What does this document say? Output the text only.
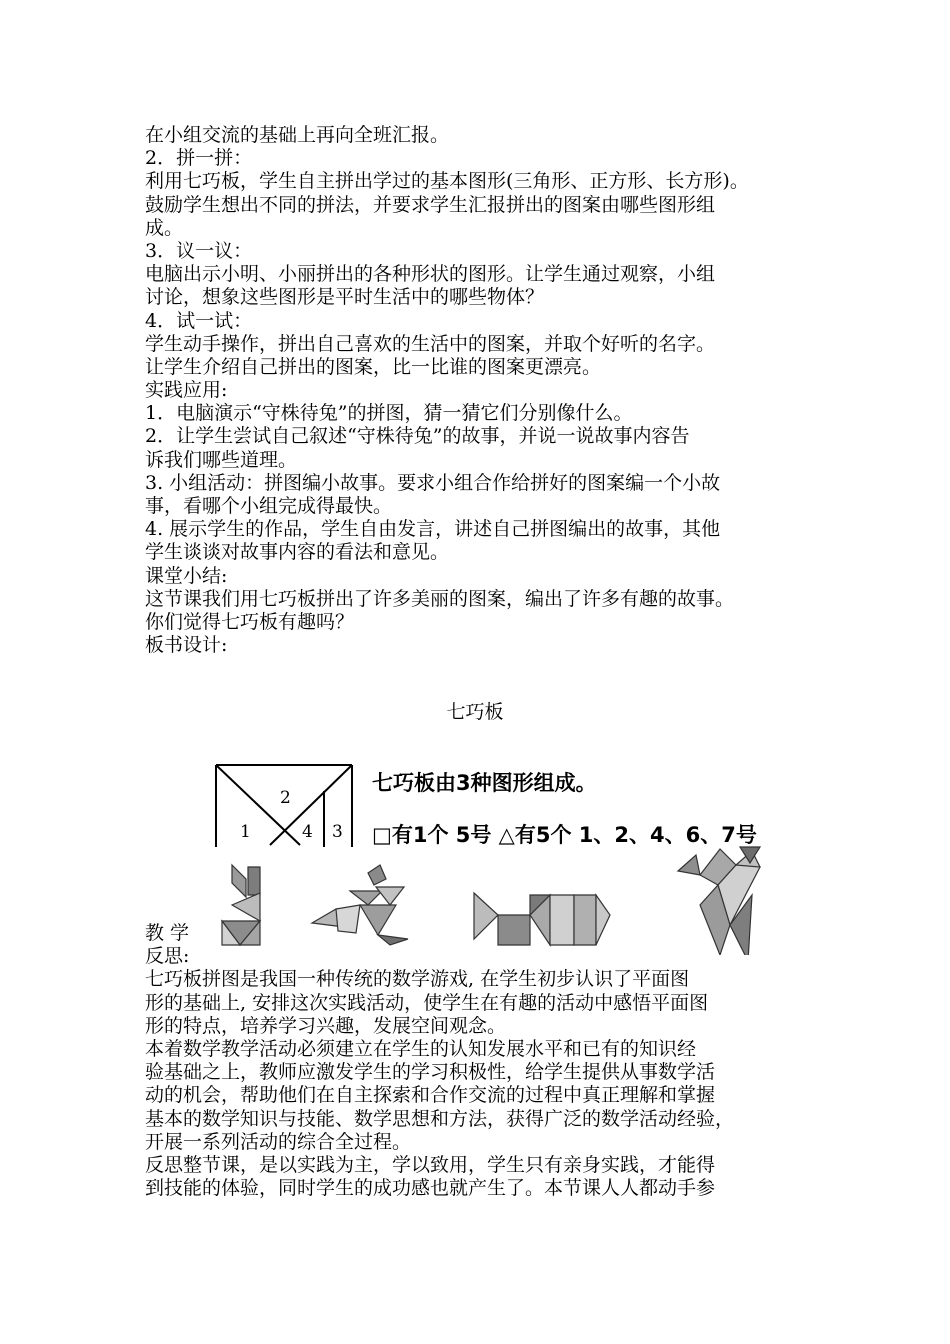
在小组交流的基础上再向全班汇报。
2．拼一拼：
利用七巧板，学生自主拼出学过的基本图形(三角形、正方形、长方形)。
鼓励学生想出不同的拼法，并要求学生汇报拼出的图案由哪些图形组
成。
3．议一议：
电脑出示小明、小丽拼出的各种形状的图形。让学生通过观察，小组
讨论，想象这些图形是平时生活中的哪些物体？
4．试一试：
学生动手操作，拼出自己喜欢的生活中的图案，并取个好听的名字。
让学生介绍自己拼出的图案，比一比谁的图案更漂亮。
实践应用:
1．电脑演示“守株待兔”的拼图，猜一猜它们分别像什么。
2．让学生尝试自己叙述“守株待兔”的故事，并说一说故事内容告
诉我们哪些道理。
3. 小组活动：拼图编小故事。要求小组合作给拼好的图案编一个小故
事，看哪个小组完成得最快。
4. 展示学生的作品，学生自由发言，讲述自己拼图编出的故事，其他
学生谈谈对故事内容的看法和意见。
课堂小结:
这节课我们用七巧板拼出了许多美丽的图案，编出了许多有趣的故事。
你们觉得七巧板有趣吗？
板书设计:
七巧板
2
1	4 3
七巧板由3种图形组成。
□有1个 5号 △有5个 1、2、4、6、7号
教 学
反思:
七巧板拼图是我国一种传统的数学游戏, 在学生初步认识了平面图
形的基础上, 安排这次实践活动，使学生在有趣的活动中感悟平面图
形的特点，培养学习兴趣，发展空间观念。
本着数学教学活动必须建立在学生的认知发展水平和已有的知识经
验基础之上，教师应激发学生的学习积极性，给学生提供从事数学活
动的机会，帮助他们在自主探索和合作交流的过程中真正理解和掌握
基本的数学知识与技能、数学思想和方法，获得广泛的数学活动经验，
开展一系列活动的综合全过程。
反思整节课，是以实践为主，学以致用，学生只有亲身实践，才能得
到技能的体验，同时学生的成功感也就产生了。本节课人人都动手参
